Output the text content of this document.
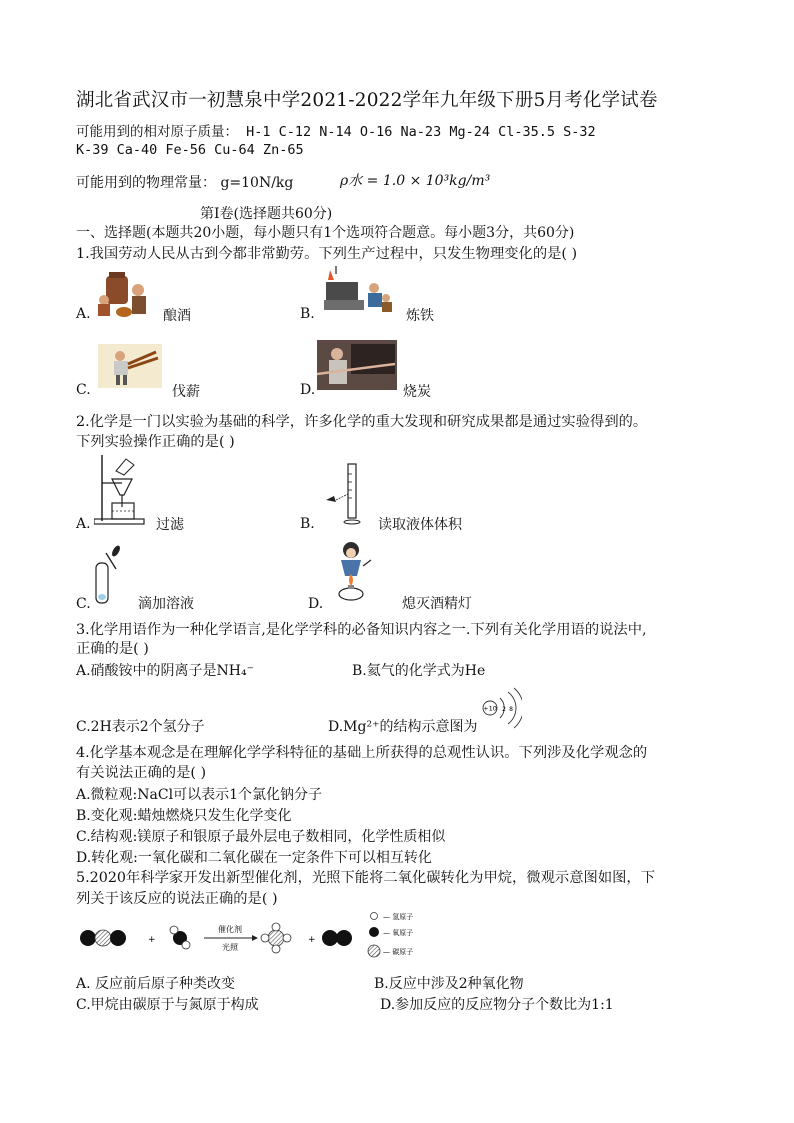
湖北省武汉市一初慧泉中学2021-2022学年九年级下册5月考化学试卷
可能用到的相对原子质量： H-1 C-12 N-14 O-16 Na-23 Mg-24 Cl-35.5 S-32
K-39 Ca-40 Fe-56 Cu-64 Zn-65
可能用到的物理常量： g=10N/kg	ρ水 = 1.0 × 10³kg/m³
第Ⅰ卷(选择题共60分)
一、选择题(本题共20小题，每小题只有1个选项符合题意。每小题3分，共60分)
1.我国劳动人民从古到今都非常勤劳。下列生产过程中，只发生物理变化的是( )
A.	酿酒	B.	炼铁
C.	伐薪	D.	烧炭
2.化学是一门以实验为基础的科学，许多化学的重大发现和研究成果都是通过实验得到的。
下列实验操作正确的是( )
A.	过滤	B.	读取液体体积
C.	滴加溶液	D.	熄灭酒精灯
3.化学用语作为一种化学语言,是化学学科的必备知识内容之一.下列有关化学用语的说法中,
正确的是( )
A.硝酸铵中的阴离子是NH₄⁻	B.氦气的化学式为He
C.2H表示2个氢分子	D.Mg²⁺的结构示意图为
+10 2 8
4.化学基本观念是在理解化学学科特征的基础上所获得的总观性认识。下列涉及化学观念的
有关说法正确的是( )
A.微粒观:NaCl可以表示1个氯化钠分子
B.变化观:蜡烛燃烧只发生化学变化
C.结构观:镁原子和银原子最外层电子数相同，化学性质相似
D.转化观:一氧化碳和二氧化碳在一定条件下可以相互转化
5.2020年科学家开发出新型催化剂，光照下能将二氧化碳转化为甲烷，微观示意图如图，下
列关于该反应的说法正确的是( )
+
催化剂
光照
+
— 氢原子
— 氧原子
— 碳原子
A. 反应前后原子种类改变	B.反应中涉及2种氧化物
C.甲烷由碳原于与氮原于构成	D.参加反应的反应物分子个数比为1:1
